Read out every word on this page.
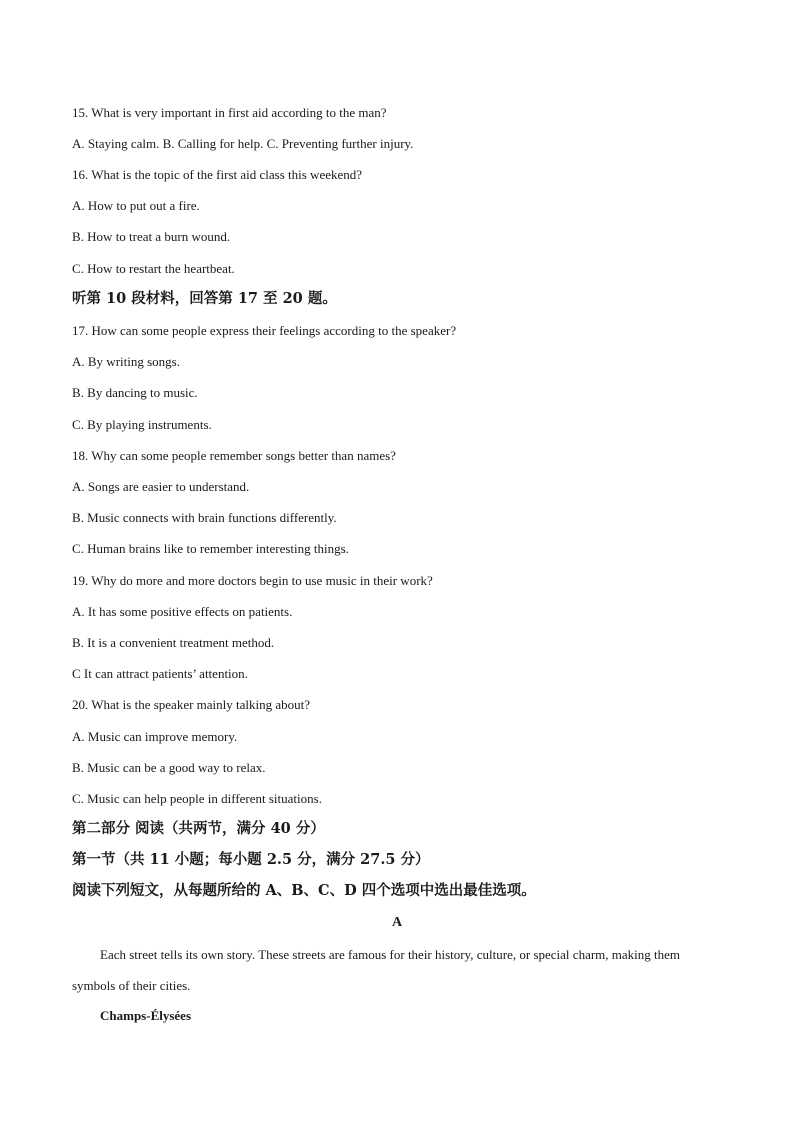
15. What is very important in first aid according to the man?
A. Staying calm. B. Calling for help. C. Preventing further injury.
16. What is the topic of the first aid class this weekend?
A. How to put out a fire.
B. How to treat a burn wound.
C. How to restart the heartbeat.
听第 10 段材料，回答第 17 至 20 题。
17. How can some people express their feelings according to the speaker?
A. By writing songs.
B. By dancing to music.
C. By playing instruments.
18. Why can some people remember songs better than names?
A. Songs are easier to understand.
B. Music connects with brain functions differently.
C. Human brains like to remember interesting things.
19. Why do more and more doctors begin to use music in their work?
A. It has some positive effects on patients.
B. It is a convenient treatment method.
C It can attract patients’ attention.
20. What is the speaker mainly talking about?
A. Music can improve memory.
B. Music can be a good way to relax.
C. Music can help people in different situations.
第二部分 阅读（共两节，满分 40 分）
第一节（共 11 小题；每小题 2.5 分，满分 27.5 分）
阅读下列短文，从每题所给的 A、B、C、D 四个选项中选出最佳选项。
A
Each street tells its own story. These streets are famous for their history, culture, or special charm, making them symbols of their cities.
Champs-Élysées
